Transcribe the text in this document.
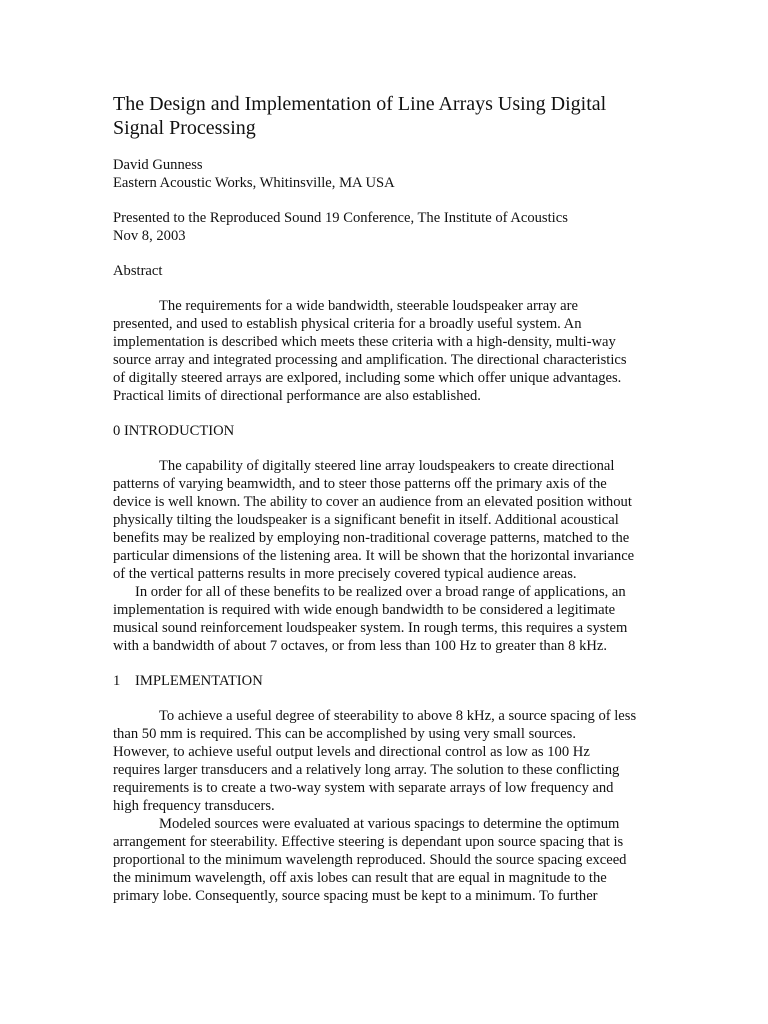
The Design and Implementation of Line Arrays Using Digital
Signal Processing
David Gunness
Eastern Acoustic Works, Whitinsville, MA USA
Presented to the Reproduced Sound 19 Conference, The Institute of Acoustics
Nov 8, 2003
Abstract
The requirements for a wide bandwidth, steerable loudspeaker array are
presented, and used to establish physical criteria for a broadly useful system. An
implementation is described which meets these criteria with a high-density, multi-way
source array and integrated processing and amplification. The directional characteristics
of digitally steered arrays are exlpored, including some which offer unique advantages.
Practical limits of directional performance are also established.
0 INTRODUCTION
The capability of digitally steered line array loudspeakers to create directional
patterns of varying beamwidth, and to steer those patterns off the primary axis of the
device is well known. The ability to cover an audience from an elevated position without
physically tilting the loudspeaker is a significant benefit in itself. Additional acoustical
benefits may be realized by employing non-traditional coverage patterns, matched to the
particular dimensions of the listening area. It will be shown that the horizontal invariance
of the vertical patterns results in more precisely covered typical audience areas.
In order for all of these benefits to be realized over a broad range of applications, an
implementation is required with wide enough bandwidth to be considered a legitimate
musical sound reinforcement loudspeaker system. In rough terms, this requires a system
with a bandwidth of about 7 octaves, or from less than 100 Hz to greater than 8 kHz.
1 IMPLEMENTATION
To achieve a useful degree of steerability to above 8 kHz, a source spacing of less
than 50 mm is required. This can be accomplished by using very small sources.
However, to achieve useful output levels and directional control as low as 100 Hz
requires larger transducers and a relatively long array. The solution to these conflicting
requirements is to create a two-way system with separate arrays of low frequency and
high frequency transducers.
Modeled sources were evaluated at various spacings to determine the optimum
arrangement for steerability. Effective steering is dependant upon source spacing that is
proportional to the minimum wavelength reproduced. Should the source spacing exceed
the minimum wavelength, off axis lobes can result that are equal in magnitude to the
primary lobe. Consequently, source spacing must be kept to a minimum. To further
